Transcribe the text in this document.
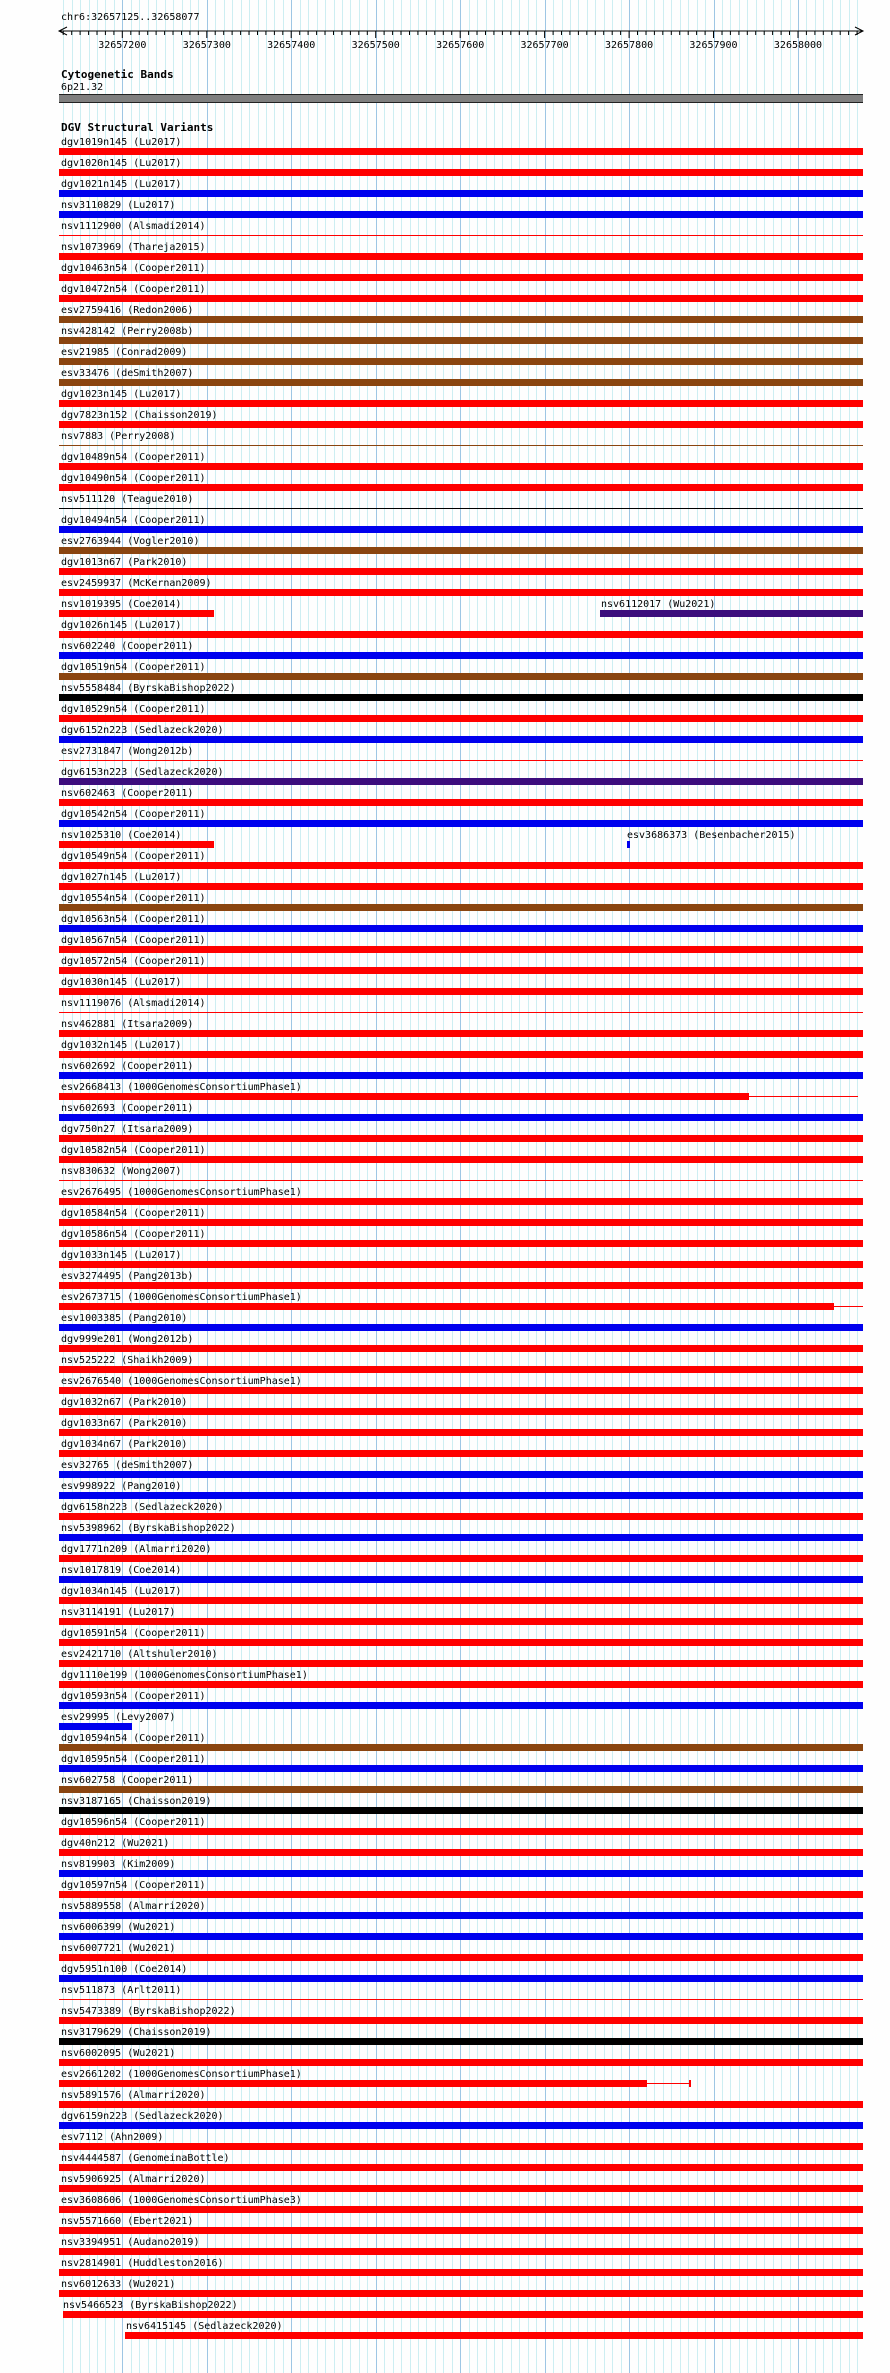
chr6:32657125..32658077
32657200	32657300	32657400	32657500	32657600	32657700	32657800	32657900	32658000
Cytogenetic Bands
6p21.32
DGV Structural Variants
dgv1019n145 (Lu2017)
dgv1020n145 (Lu2017)
dgv1021n145 (Lu2017)
nsv3110829 (Lu2017)
nsv1112900 (Alsmadi2014)
nsv1073969 (Thareja2015)
dgv10463n54 (Cooper2011)
dgv10472n54 (Cooper2011)
esv2759416 (Redon2006)
nsv428142 (Perry2008b)
esv21985 (Conrad2009)
esv33476 (deSmith2007)
dgv1023n145 (Lu2017)
dgv7823n152 (Chaisson2019)
nsv7883 (Perry2008)
dgv10489n54 (Cooper2011)
dgv10490n54 (Cooper2011)
nsv511120 (Teague2010)
dgv10494n54 (Cooper2011)
esv2763944 (Vogler2010)
dgv1013n67 (Park2010)
esv2459937 (McKernan2009)
nsv1019395 (Coe2014)	nsv6112017 (Wu2021)
dgv1026n145 (Lu2017)
nsv602240 (Cooper2011)
dgv10519n54 (Cooper2011)
nsv5558484 (ByrskaBishop2022)
dgv10529n54 (Cooper2011)
dgv6152n223 (Sedlazeck2020)
esv2731847 (Wong2012b)
dgv6153n223 (Sedlazeck2020)
nsv602463 (Cooper2011)
dgv10542n54 (Cooper2011)
nsv1025310 (Coe2014)	esv3686373 (Besenbacher2015)
dgv10549n54 (Cooper2011)
dgv1027n145 (Lu2017)
dgv10554n54 (Cooper2011)
dgv10563n54 (Cooper2011)
dgv10567n54 (Cooper2011)
dgv10572n54 (Cooper2011)
dgv1030n145 (Lu2017)
nsv1119076 (Alsmadi2014)
nsv462881 (Itsara2009)
dgv1032n145 (Lu2017)
nsv602692 (Cooper2011)
esv2668413 (1000GenomesConsortiumPhase1)
nsv602693 (Cooper2011)
dgv750n27 (Itsara2009)
dgv10582n54 (Cooper2011)
nsv830632 (Wong2007)
esv2676495 (1000GenomesConsortiumPhase1)
dgv10584n54 (Cooper2011)
dgv10586n54 (Cooper2011)
dgv1033n145 (Lu2017)
esv3274495 (Pang2013b)
esv2673715 (1000GenomesConsortiumPhase1)
esv1003385 (Pang2010)
dgv999e201 (Wong2012b)
nsv525222 (Shaikh2009)
esv2676540 (1000GenomesConsortiumPhase1)
dgv1032n67 (Park2010)
dgv1033n67 (Park2010)
dgv1034n67 (Park2010)
esv32765 (deSmith2007)
esv998922 (Pang2010)
dgv6158n223 (Sedlazeck2020)
nsv5398962 (ByrskaBishop2022)
dgv1771n209 (Almarri2020)
nsv1017819 (Coe2014)
dgv1034n145 (Lu2017)
nsv3114191 (Lu2017)
dgv10591n54 (Cooper2011)
esv2421710 (Altshuler2010)
dgv1110e199 (1000GenomesConsortiumPhase1)
dgv10593n54 (Cooper2011)
esv29995 (Levy2007)
dgv10594n54 (Cooper2011)
dgv10595n54 (Cooper2011)
nsv602758 (Cooper2011)
nsv3187165 (Chaisson2019)
dgv10596n54 (Cooper2011)
dgv40n212 (Wu2021)
nsv819903 (Kim2009)
dgv10597n54 (Cooper2011)
nsv5889558 (Almarri2020)
nsv6006399 (Wu2021)
nsv6007721 (Wu2021)
dgv5951n100 (Coe2014)
nsv511873 (Arlt2011)
nsv5473389 (ByrskaBishop2022)
nsv3179629 (Chaisson2019)
nsv6002095 (Wu2021)
esv2661202 (1000GenomesConsortiumPhase1)
nsv5891576 (Almarri2020)
dgv6159n223 (Sedlazeck2020)
esv7112 (Ahn2009)
nsv4444587 (GenomeinaBottle)
nsv5906925 (Almarri2020)
esv3608606 (1000GenomesConsortiumPhase3)
nsv5571660 (Ebert2021)
nsv3394951 (Audano2019)
nsv2814901 (Huddleston2016)
nsv6012633 (Wu2021)
nsv5466523 (ByrskaBishop2022)
nsv6415145 (Sedlazeck2020)
